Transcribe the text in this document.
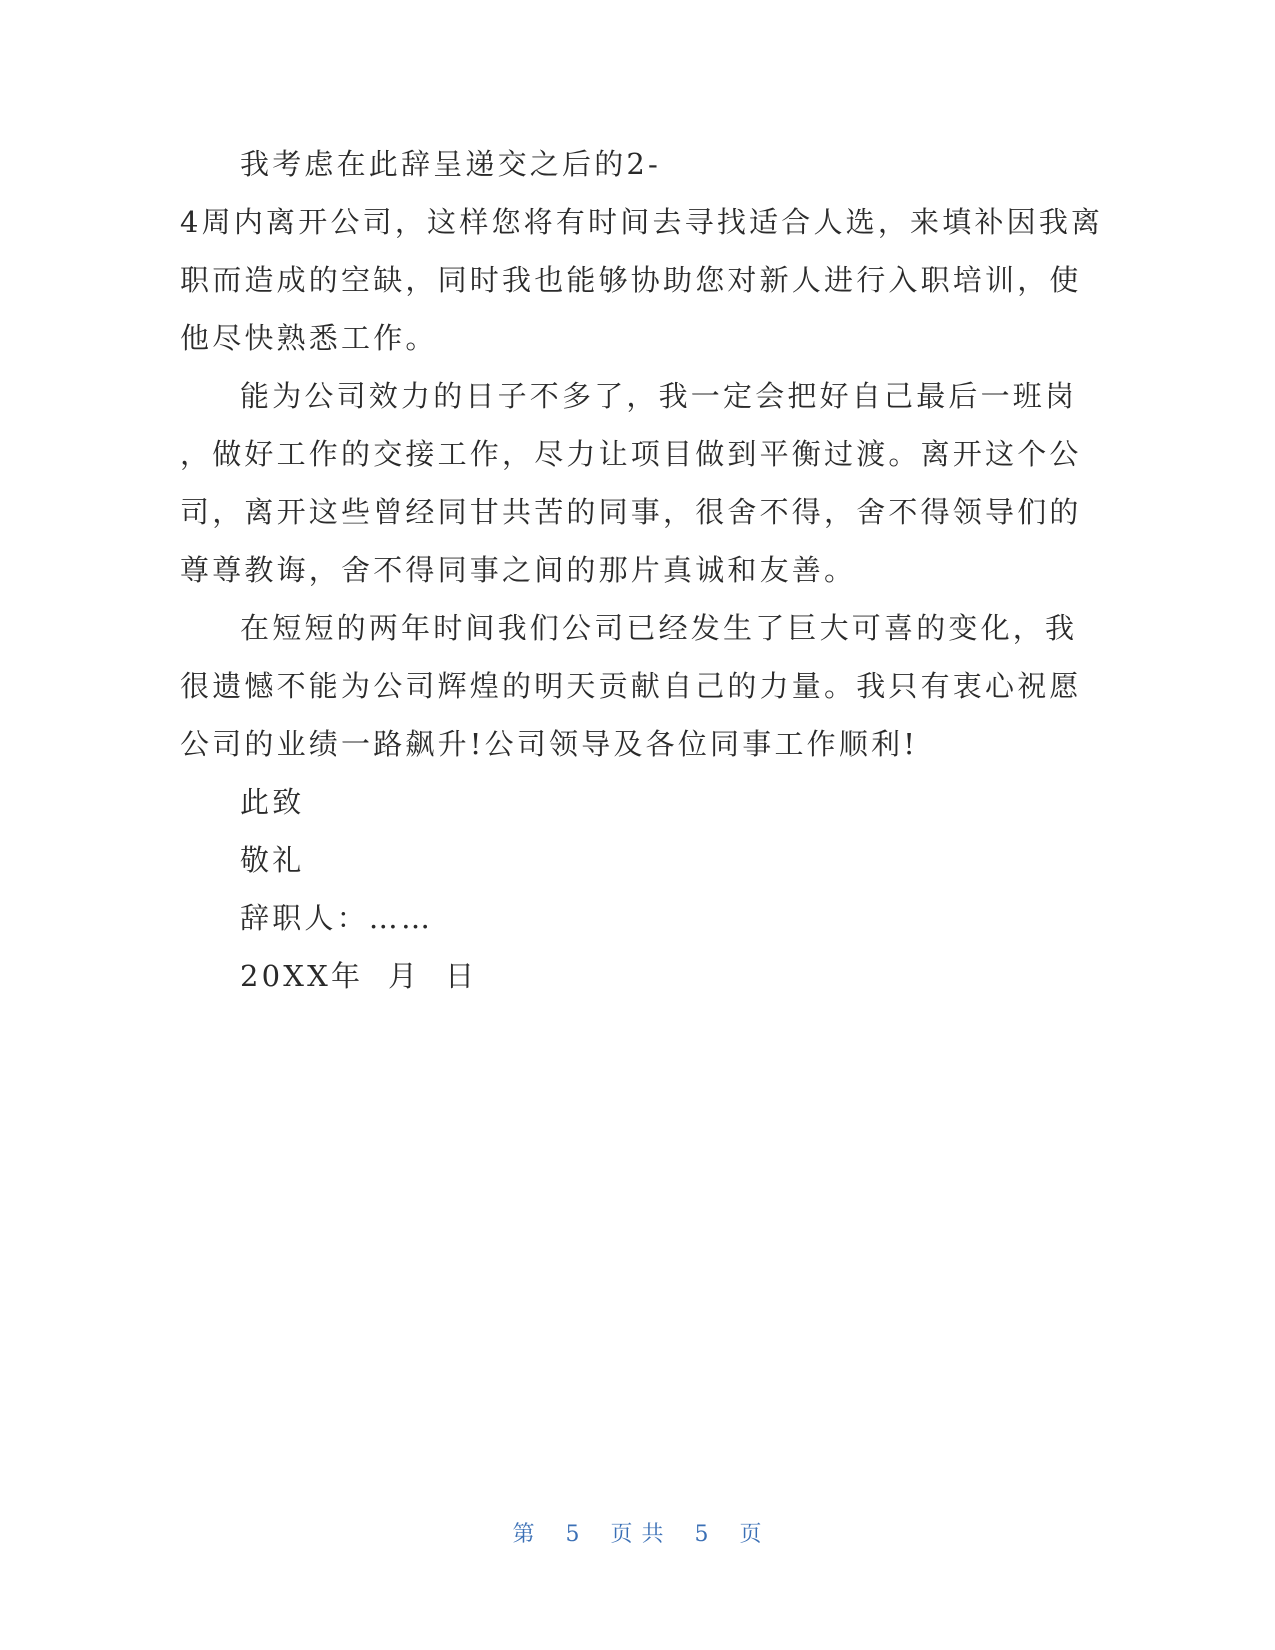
我考虑在此辞呈递交之后的2-
4周内离开公司，这样您将有时间去寻找适合人选，来填补因我离
职而造成的空缺，同时我也能够协助您对新人进行入职培训，使
他尽快熟悉工作。
能为公司效力的日子不多了，我一定会把好自己最后一班岗
，做好工作的交接工作，尽力让项目做到平衡过渡。离开这个公
司，离开这些曾经同甘共苦的同事，很舍不得，舍不得领导们的
尊尊教诲，舍不得同事之间的那片真诚和友善。
在短短的两年时间我们公司已经发生了巨大可喜的变化，我
很遗憾不能为公司辉煌的明天贡献自己的力量。我只有衷心祝愿
公司的业绩一路飙升!公司领导及各位同事工作顺利!
此致
敬礼
辞职人：……
20XX年  月  日
第 5 页 共 5 页
